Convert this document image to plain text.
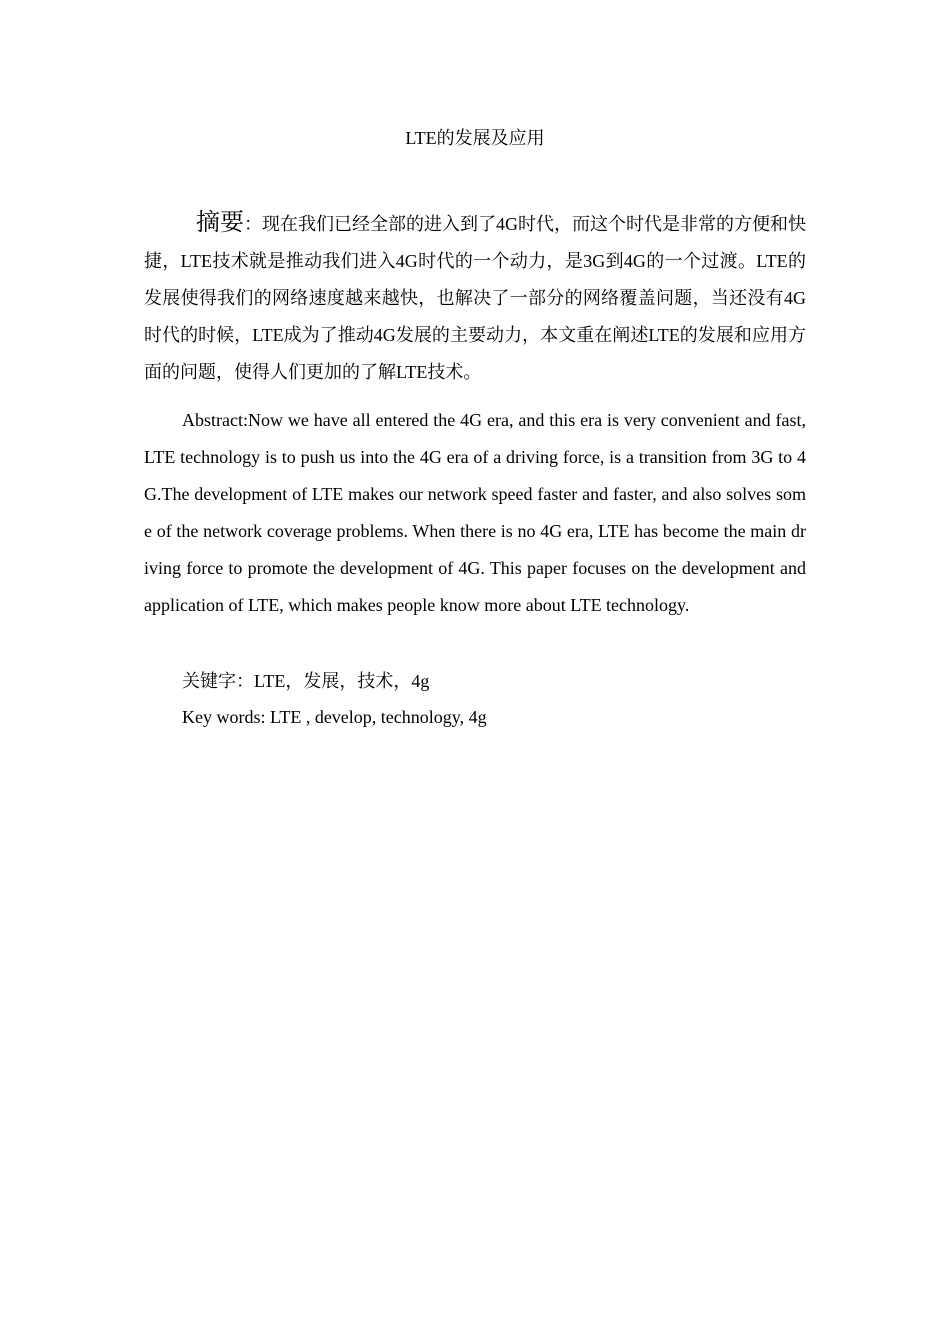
LTE的发展及应用
摘要：现在我们已经全部的进入到了4G时代，而这个时代是非常的方便和快捷，LTE技术就是推动我们进入4G时代的一个动力，是3G到4G的一个过渡。LTE的发展使得我们的网络速度越来越快，也解决了一部分的网络覆盖问题，当还没有4G时代的时候，LTE成为了推动4G发展的主要动力，本文重在阐述LTE的发展和应用方面的问题，使得人们更加的了解LTE技术。
Abstract:Now we have all entered the 4G era, and this era is very convenient and fast, LTE technology is to push us into the 4G era of a driving force, is a transition from 3G to 4G.The development of LTE makes our network speed faster and faster, and also solves some of the network coverage problems. When there is no 4G era, LTE has become the main driving force to promote the development of 4G. This paper focuses on the development and application of LTE, which makes people know more about LTE technology.
关键字：LTE，发展，技术，4g
Key words: LTE , develop, technology, 4g
